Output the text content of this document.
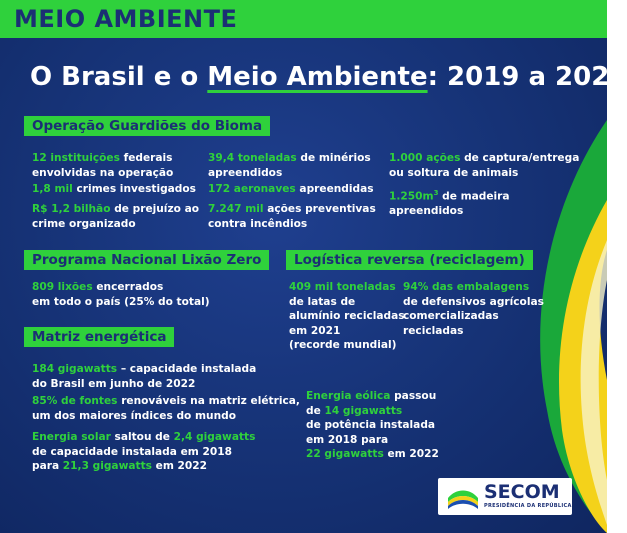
MEIO AMBIENTE
O Brasil e o Meio Ambiente: 2019 a 2022
Operação Guardiões do Bioma
12 instituições federais
envolvidas na operação
1,8 mil crimes investigados
R$ 1,2 bilhão de prejuízo ao
crime organizado
39,4 toneladas de minérios
apreendidos
172 aeronaves apreendidas
7.247 mil ações preventivas
contra incêndios
1.000 ações de captura/entrega
ou soltura de animais
$1.250m^3$ de madeira
apreendidos
Programa Nacional Lixão Zero
809 lixões encerrados
em todo o país (25% do total)
Logística reversa (reciclagem)
409 mil toneladas
de latas de
alumínio recicladas
em 2021
(recorde mundial)
94% das embalagens
de defensivos agrícolas
comercializadas
recicladas
Matriz energética
184 gigawatts – capacidade instalada
do Brasil em junho de 2022
85% de fontes renováveis na matriz elétrica,
um dos maiores índices do mundo
Energia solar saltou de 2,4 gigawatts
de capacidade instalada em 2018
para 21,3 gigawatts em 2022
Energia eólica passou
de 14 gigawatts
de potência instalada
em 2018 para
22 gigawatts em 2022
SECOM
PRESIDÊNCIA DA REPÚBLICA
